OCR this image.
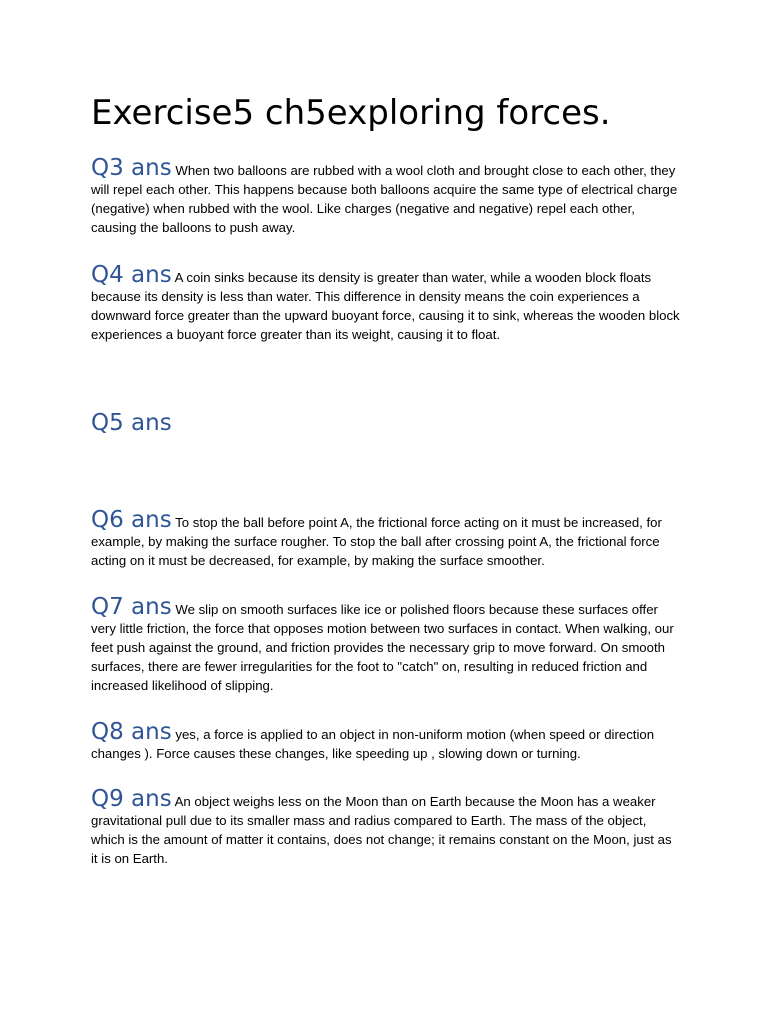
Exercise5 ch5exploring forces.

Q3 ans When two balloons are rubbed with a wool cloth and brought close to each other, they will repel each other. This happens because both balloons acquire the same type of electrical charge (negative) when rubbed with the wool. Like charges (negative and negative) repel each other, causing the balloons to push away.

Q4 ans A coin sinks because its density is greater than water, while a wooden block floats because its density is less than water. This difference in density means the coin experiences a downward force greater than the upward buoyant force, causing it to sink, whereas the wooden block experiences a buoyant force greater than its weight, causing it to float.

Q5 ans

Q6 ans To stop the ball before point A, the frictional force acting on it must be increased, for example, by making the surface rougher. To stop the ball after crossing point A, the frictional force acting on it must be decreased, for example, by making the surface smoother.

Q7 ans We slip on smooth surfaces like ice or polished floors because these surfaces offer very little friction, the force that opposes motion between two surfaces in contact. When walking, our feet push against the ground, and friction provides the necessary grip to move forward. On smooth surfaces, there are fewer irregularities for the foot to "catch" on, resulting in reduced friction and increased likelihood of slipping.

Q8 ans yes, a force is applied to an object in non-uniform motion (when speed or direction changes ). Force causes these changes, like speeding up , slowing down or turning.

Q9 ans An object weighs less on the Moon than on Earth because the Moon has a weaker gravitational pull due to its smaller mass and radius compared to Earth. The mass of the object, which is the amount of matter it contains, does not change; it remains constant on the Moon, just as it is on Earth.
